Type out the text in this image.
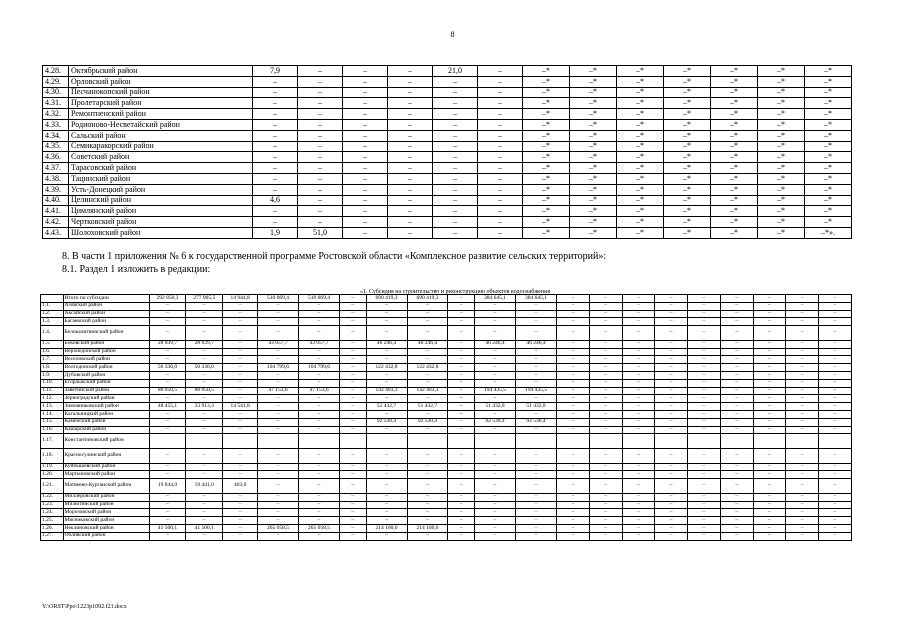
8
4.28.	Октябрьский район	7,9	–	–	–	21,0	–	–*	–*	–*	–*	–*	–*	–*
4.29.	Орловский район	–	–	–	–	–	–	–*	–*	–*	–*	–*	–*	–*
4.30.	Песчанокопский район	–	–	–	–	–	–	–*	–*	–*	–*	–*	–*	–*
4.31.	Пролетарский район	–	–	–	–	–	–	–*	–*	–*	–*	–*	–*	–*
4.32.	Ремонтненский район	–	–	–	–	–	–	–*	–*	–*	–*	–*	–*	–*
4.33.	Родионово-Несветайский район	–	–	–	–	–	–	–*	–*	–*	–*	–*	–*	–*
4.34.	Сальский район	–	–	–	–	–	–	–*	–*	–*	–*	–*	–*	–*
4.35.	Семикаракорский район	–	–	–	–	–	–	–*	–*	–*	–*	–*	–*	–*
4.36.	Советский район	–	–	–	–	–	–	–*	–*	–*	–*	–*	–*	–*
4.37.	Тарасовский район	–	–	–	–	–	–	–*	–*	–*	–*	–*	–*	–*
4.38.	Тацинский район	–	–	–	–	–	–	–*	–*	–*	–*	–*	–*	–*
4.39.	Усть-Донецкий район	–	–	–	–	–	–	–*	–*	–*	–*	–*	–*	–*
4.40.	Целинский район	4,6	–	–	–	–	–	–*	–*	–*	–*	–*	–*	–*
4.41.	Цимлянский район	–	–	–	–	–	–	–*	–*	–*	–*	–*	–*	–*
4.42.	Чертковский район	–	–	–	–	–	–	–*	–*	–*	–*	–*	–*	–*
4.43.	Шолоховский район	1,9	51,0	–	–	–	–	–*	–*	–*	–*	–*	–*	–*».
8. В части 1 приложения № 6 к государственной программе Ростовской области «Комплексное развитие сельских территорий»:
8.1. Раздел 1 изложить в редакции:
«1. Субсидия на строительство и реконструкцию объектов водоснабжения
	Итого по субсидии	292 850,3	277 905,5	14 944,8	510 069,4	510 069,4	–	690 419,3	690 419,3	–	384 645,1	384 645,1	–	–	–	–	–	–	–	–	–
1.1.	Азовский район	–	–	–	–	–	–	–	–	–	–	–	–	–	–	–	–	–	–	–	–
1.2.	Аксайский район	–	–	–	–	–	–	–	–	–	–	–	–	–	–	–	–	–	–	–	–
1.3.	Багаевский район	–	–	–	–	–	–	–	–	–	–	–	–	–	–	–	–	–	–	–	–
1.4.	Белокалитвинский район	–	–	–	–	–	–	–	–	–	–	–	–	–	–	–	–	–	–	–	–
1.5.	Боковский район	28 039,7	28 039,7	–	43 057,7	43 057,7	–	46 246,4	46 246,4	–	46 246,4	46 246,4	–	–	–	–	–	–	–	–	–
1.6.	Верхнедонской район	–	–	–	–	–	–	–	–	–	–	–	–	–	–	–	–	–	–	–	–
1.7.	Веселовский район	–	–	–	–	–	–	–	–	–	–	–	–	–	–	–	–	–	–	–	–
1.8.	Волгодонской район	50 336,0	50 336,0	–	104 799,6	104 799,6	–	122 432,8	122 432,8	–	–	–	–	–	–	–	–	–	–	–	–
1.9.	Дубовский район	–	–	–	–	–	–	–	–	–	–	–	–	–	–	–	–	–	–	–	–
1.10.	Егорлыкский район	–	–	–	–	–	–	–	–	–	–	–	–	–	–	–	–	–	–	–	–
1.11.	Заветинский район	88 050,5	88 050,5	–	47 153,6	47 153,6	–	142 403,3	142 403,3	–	194 435,5	194 435,5	–	–	–	–	–	–	–	–	–
1.12.	Зерноградский район	–	–	–	–	–	–	–	–	–	–	–	–	–	–	–	–	–	–	–	–
1.13.	Зимовниковский район	48 455,1	33 913,3	14 541,8	–	–	–	51 432,7	51 432,7	–	51 432,8	51 432,8	–	–	–	–	–	–	–	–	–
1.14.	Кагальницкий район	–	–	–	–	–	–	–	–	–	–	–	–	–	–	–	–	–	–	–	–
1.15.	Каменский район	–	–	–	–	–	–	92 530,4	92 530,4	–	92 530,4	92 530,4	–	–	–	–	–	–	–	–	–
1.16.	Кашарский район	–	–	–	–	–	–	–	–	–	–	–	–	–	–	–	–	–	–	–	–
1.17.	Константиновский район																				
1.18.	Красносулинский район	–	–	–	–	–	–	–	–	–	–	–	–	–	–	–	–	–	–	–	–
1.19.	Куйбышевский район	–	–	–	–	–	–	–	–	–	–	–	–	–	–	–	–	–	–	–	–
1.20.	Мартыновский район	–	–	–	–	–	–	–	–	–	–	–	–	–	–	–	–	–	–	–	–
1.21.	Матвеево-Курганский район	19 844,0	19 441,0	403,0	–	–	–	–	–	–	–	–	–	–	–	–	–	–	–	–	–
1.22.	Миллеровский район	–	–	–	–	–	–	–	–	–	–	–	–	–	–	–	–	–	–	–	–
1.23.	Милютинский район	–	–	–	–	–	–	–	–	–	–	–	–	–	–	–	–	–	–	–	–
1.24.	Морозовский район	–	–	–	–	–	–	–	–	–	–	–	–	–	–	–	–	–	–	–	–
1.25.	Мясниковский район	–	–	–	–	–	–	–	–	–	–	–	–	–	–	–	–	–	–	–	–
1.26.	Неклиновский район	41 500,1	41 500,1	–	265 058,5	265 058,5	–	214 160,0	214 160,0	–	–	–	–	–	–	–	–	–	–	–	–
1.27.	Обливский район	–	–	–	–	–	–	–	–	–	–	–	–	–	–	–	–	–	–	–	–
Y:\ORST\Ppo\1223p1092.f21.docx
